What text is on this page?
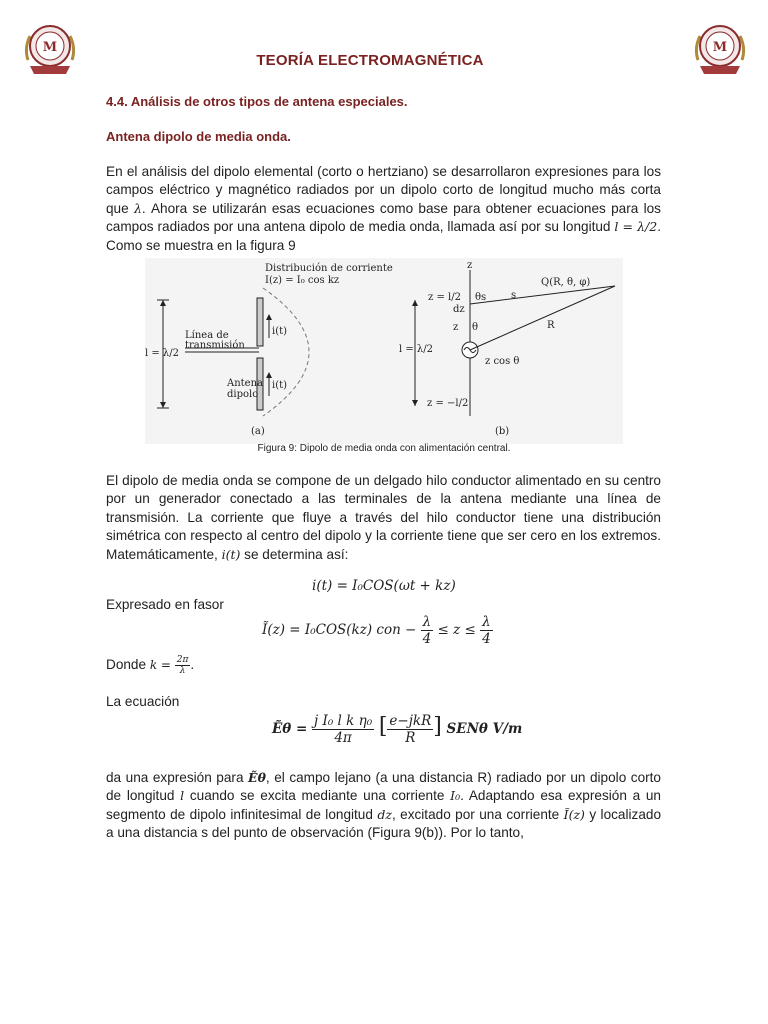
M	M
TEORÍA ELECTROMAGNÉTICA
4.4. Análisis de otros tipos de antena especiales.
Antena dipolo de media onda.
En el análisis del dipolo elemental (corto o hertziano) se desarrollaron expresiones para los campos eléctrico y magnético radiados por un dipolo corto de longitud mucho más corta que λ. Ahora se utilizarán esas ecuaciones como base para obtener ecuaciones para los campos radiados por una antena dipolo de media onda, llamada así por su longitud l = λ/2. Como se muestra en la figura 9
l = λ/2
i(t)
i(t)
Distribución de corriente
I(z) = I₀ cos kz
Línea de
transmisión
Antena
dipolo
(a)
z
l = λ/2
z = l/2
z = −l/2
s
R
Q(R, θ, φ)
dz
z θ
θs
z cos θ
(b)
Figura 9: Dipolo de media onda con alimentación central.
El dipolo de media onda se compone de un delgado hilo conductor alimentado en su centro por un generador conectado a las terminales de la antena mediante una línea de transmisión. La corriente que fluye a través del hilo conductor tiene una distribución simétrica con respecto al centro del dipolo y la corriente tiene que ser cero en los extremos. Matemáticamente, i(t) se determina así:
i(t) = I₀COS(ωt + kz)
Expresado en fasor
Ĩ(z) = I₀COS(kz) con − $\frac{\lambda}{4} \le z \le \frac{\lambda}{4}$
Donde $k = \frac{2\pi}{\lambda}$ .
La ecuación
Ẽθ = $\frac{\text{j I₀ l k η₀}}{4\pi}$ [ $\frac{\text{e−jkR}}{R}$ ] SENθ V/m
da una expresión para Ẽθ, el campo lejano (a una distancia R) radiado por un dipolo corto de longitud l cuando se excita mediante una corriente I₀. Adaptando esa expresión a un segmento de dipolo infinitesimal de longitud dz, excitado por una corriente Ĩ(z) y localizado a una distancia s del punto de observación (Figura 9(b)). Por lo tanto,
